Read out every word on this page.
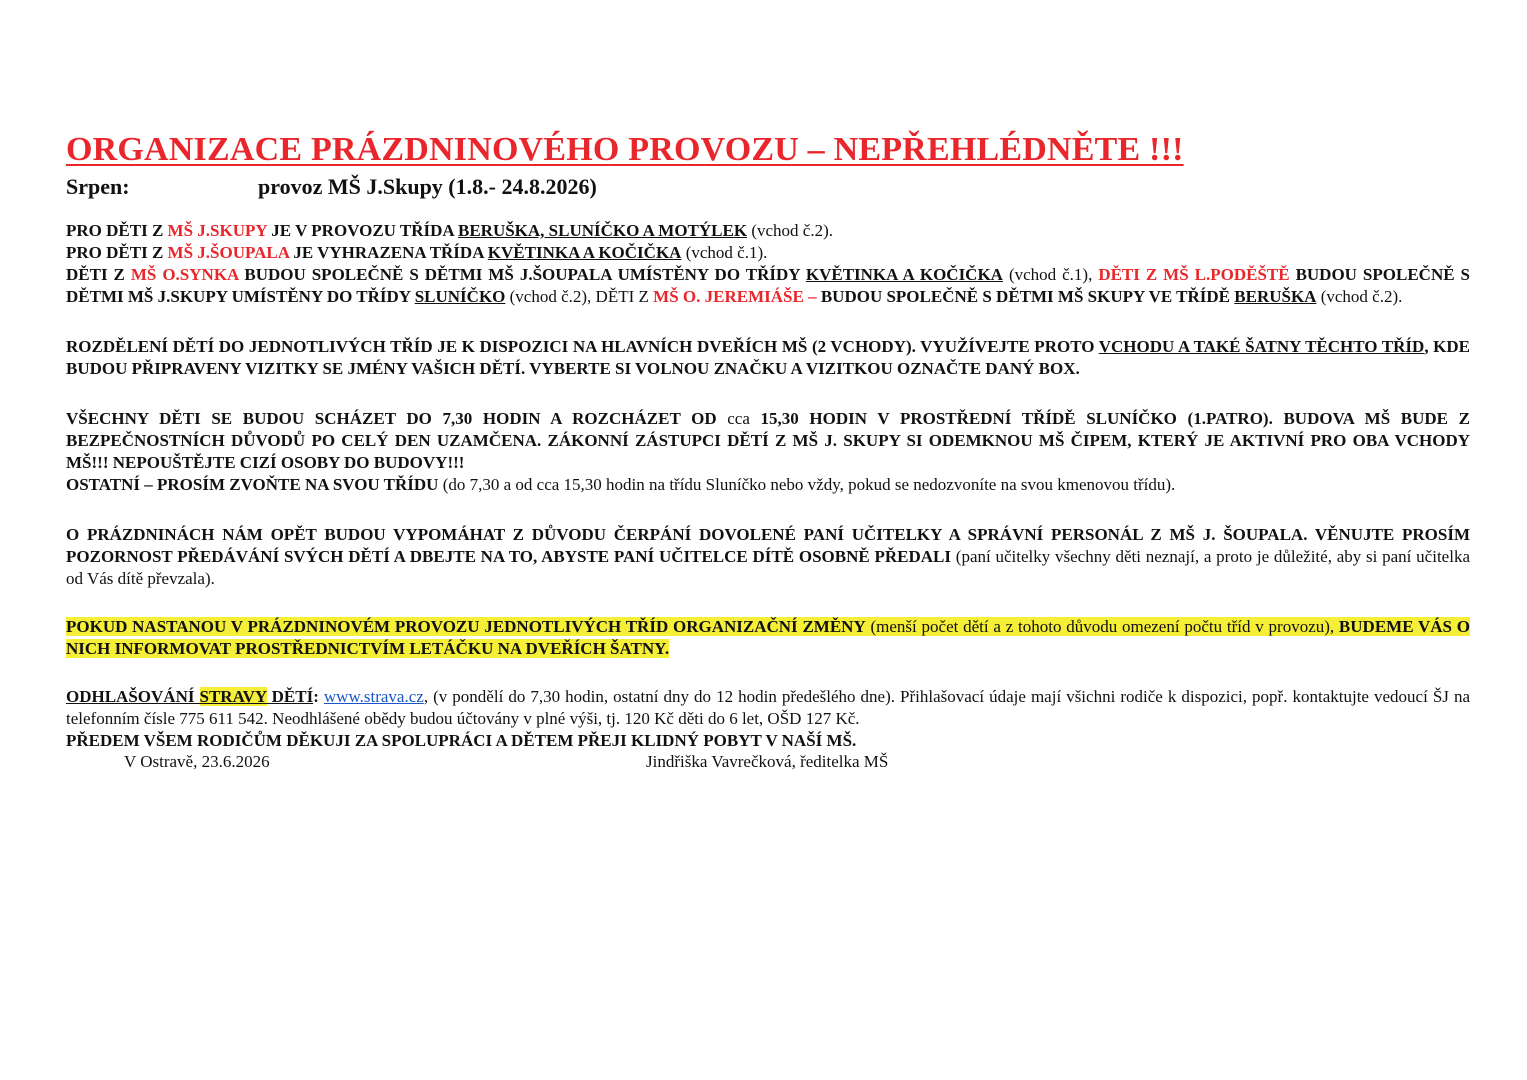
ORGANIZACE PRÁZDNINOVÉHO PROVOZU – NEPŘEHLÉDNĚTE !!!

Srpen:	provoz MŠ J.Skupy (1.8.- 24.8.2026)

PRO DĚTI Z MŠ J.SKUPY JE V PROVOZU TŘÍDA BERUŠKA, SLUNÍČKO A MOTÝLEK (vchod č.2).

PRO DĚTI Z MŠ J.ŠOUPALA JE VYHRAZENA TŘÍDA KVĚTINKA A KOČIČKA (vchod č.1).

DĚTI Z MŠ O.SYNKA BUDOU SPOLEČNĚ S DĚTMI MŠ J.ŠOUPALA UMÍSTĚNY DO TŘÍDY KVĚTINKA A KOČIČKA (vchod č.1), DĚTI Z MŠ L.PODĚŠTĚ BUDOU SPOLEČNĚ S DĚTMI MŠ J.SKUPY UMÍSTĚNY DO TŘÍDY SLUNÍČKO (vchod č.2), DĚTI Z MŠ O. JEREMIÁŠE – BUDOU SPOLEČNĚ S DĚTMI MŠ SKUPY VE TŘÍDĚ BERUŠKA (vchod č.2).

ROZDĚLENÍ DĚTÍ DO JEDNOTLIVÝCH TŘÍD JE K DISPOZICI NA HLAVNÍCH DVEŘÍCH MŠ (2 VCHODY). VYUŽÍVEJTE PROTO VCHODU A TAKÉ ŠATNY TĚCHTO TŘÍD, KDE BUDOU PŘIPRAVENY VIZITKY SE JMÉNY VAŠICH DĚTÍ. VYBERTE SI VOLNOU ZNAČKU A VIZITKOU OZNAČTE DANÝ BOX.

VŠECHNY DĚTI SE BUDOU SCHÁZET DO 7,30 HODIN A ROZCHÁZET OD cca 15,30 HODIN V PROSTŘEDNÍ TŘÍDĚ SLUNÍČKO (1.PATRO). BUDOVA MŠ BUDE Z BEZPEČNOSTNÍCH DŮVODŮ PO CELÝ DEN UZAMČENA. ZÁKONNÍ ZÁSTUPCI DĚTÍ Z MŠ J. SKUPY SI ODEMKNOU MŠ ČIPEM, KTERÝ JE AKTIVNÍ PRO OBA VCHODY MŠ!!! NEPOUŠTĚJTE CIZÍ OSOBY DO BUDOVY!!!

OSTATNÍ – PROSÍM ZVOŇTE NA SVOU TŘÍDU (do 7,30 a od cca 15,30 hodin na třídu Sluníčko nebo vždy, pokud se nedozvoníte na svou kmenovou třídu).

O PRÁZDNINÁCH NÁM OPĚT BUDOU VYPOMÁHAT Z DŮVODU ČERPÁNÍ DOVOLENÉ PANÍ UČITELKY A SPRÁVNÍ PERSONÁL Z MŠ J. ŠOUPALA. VĚNUJTE PROSÍM POZORNOST PŘEDÁVÁNÍ SVÝCH DĚTÍ A DBEJTE NA TO, ABYSTE PANÍ UČITELCE DÍTĚ OSOBNĚ PŘEDALI (paní učitelky všechny děti neznají, a proto je důležité, aby si paní učitelka od Vás dítě převzala).

POKUD NASTANOU V PRÁZDNINOVÉM PROVOZU JEDNOTLIVÝCH TŘÍD ORGANIZAČNÍ ZMĚNY (menší počet dětí a z tohoto důvodu omezení počtu tříd v provozu), BUDEME VÁS O NICH INFORMOVAT PROSTŘEDNICTVÍM LETÁČKU NA DVEŘÍCH ŠATNY.

ODHLAŠOVÁNÍ STRAVY DĚTÍ: www.strava.cz, (v pondělí do 7,30 hodin, ostatní dny do 12 hodin předešlého dne). Přihlašovací údaje mají všichni rodiče k dispozici, popř. kontaktujte vedoucí ŠJ na telefonním čísle 775 611 542. Neodhlášené obědy budou účtovány v plné výši, tj. 120 Kč děti do 6 let, OŠD 127 Kč.

PŘEDEM VŠEM RODIČŮM DĚKUJI ZA SPOLUPRÁCI A DĚTEM PŘEJI KLIDNÝ POBYT V NAŠÍ MŠ.

V Ostravě, 23.6.2026	Jindřiška Vavrečková, ředitelka MŠ
